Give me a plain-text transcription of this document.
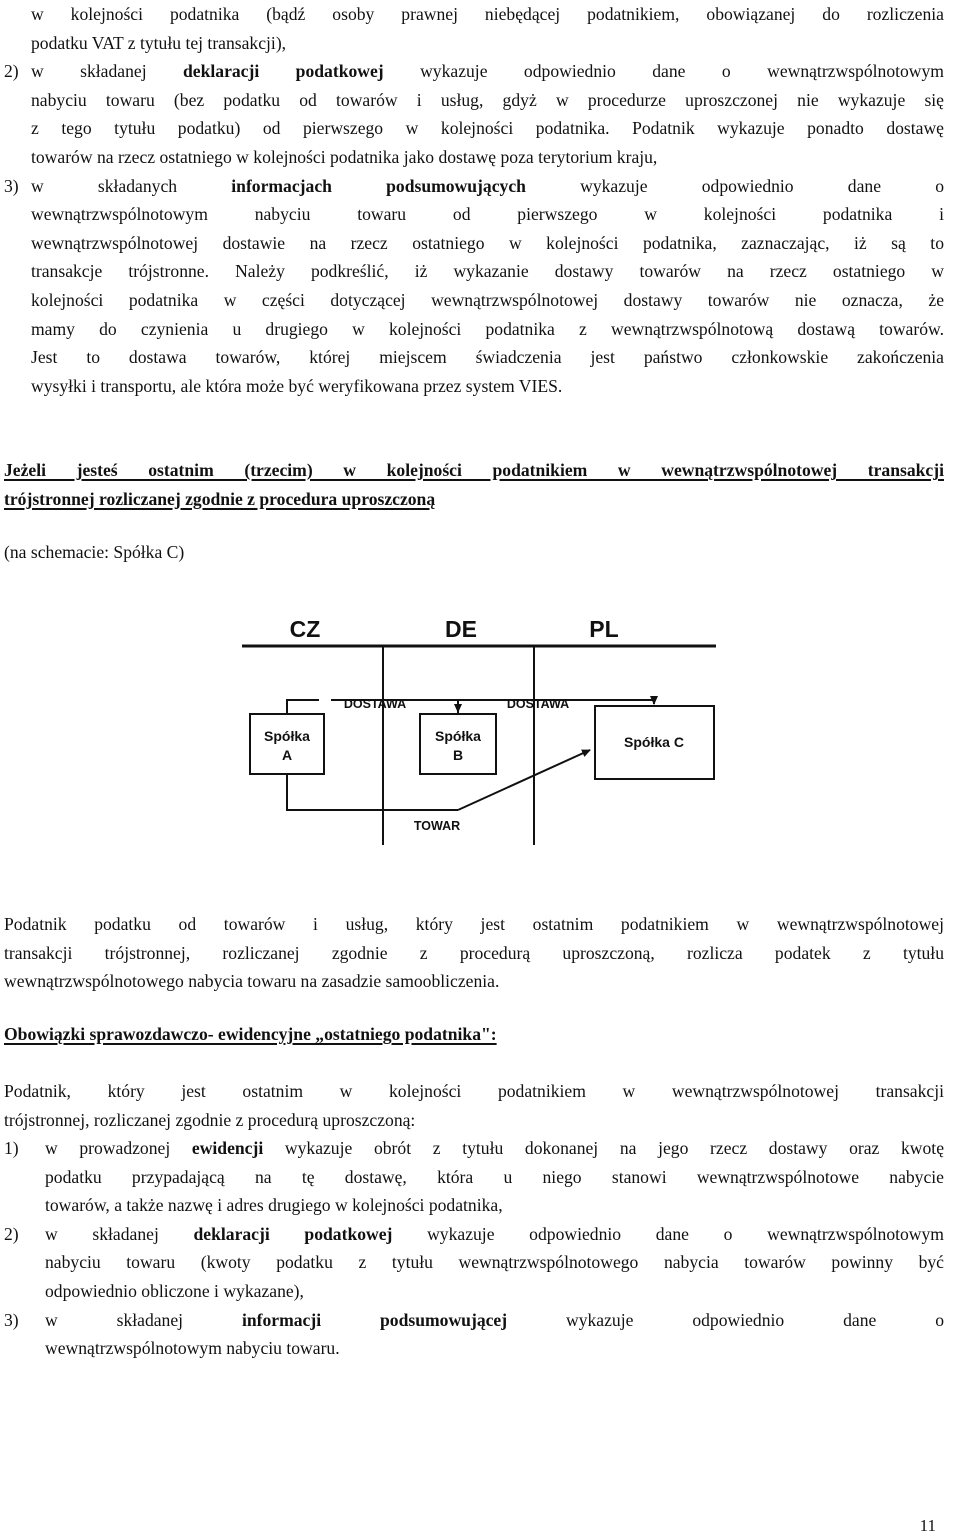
w kolejności podatnika (bądź osoby prawnej niebędącej podatnikiem, obowiązanej do rozliczenia
podatku VAT z tytułu tej transakcji),
2) w składanej deklaracji podatkowej wykazuje odpowiednio dane o wewnątrzwspólnotowym
nabyciu towaru (bez podatku od towarów i usług, gdyż w procedurze uproszczonej nie wykazuje się
z tego tytułu podatku) od pierwszego w kolejności podatnika. Podatnik wykazuje ponadto dostawę
towarów na rzecz ostatniego w kolejności podatnika jako dostawę poza terytorium kraju,
3) w składanych	informacjach podsumowujących	wykazuje odpowiednio dane o
wewnątrzwspólnotowym nabyciu towaru od pierwszego w kolejności podatnika i
wewnątrzwspólnotowej dostawie na rzecz ostatniego w kolejności podatnika, zaznaczając, iż są to
transakcje trójstronne. Należy podkreślić, iż wykazanie dostawy towarów na rzecz ostatniego w
kolejności podatnika w części dotyczącej wewnątrzwspólnotowej dostawy towarów nie oznacza, że
mamy do czynienia u drugiego w kolejności podatnika z wewnątrzwspólnotową dostawą towarów.
Jest to dostawa towarów, której miejscem świadczenia jest państwo członkowskie zakończenia
wysyłki i transportu, ale która może być weryfikowana przez system VIES.
Jeżeli jesteś ostatnim (trzecim) w kolejności podatnikiem w wewnątrzwspólnotowej transakcji
trójstronnej rozliczanej zgodnie z procedura uproszczoną
(na schemacie: Spółka C)
CZ	DE	PL
DOSTAWA	DOSTAWA
Spółka
A
Spółka
B
Spółka C
TOWAR
Podatnik podatku od towarów i usług, który jest ostatnim podatnikiem w wewnątrzwspólnotowej
transakcji trójstronnej, rozliczanej zgodnie z procedurą uproszczoną, rozlicza podatek z tytułu
wewnątrzwspólnotowego nabycia towaru na zasadzie samoobliczenia.
Obowiązki sprawozdawczo- ewidencyjne „ostatniego podatnika":
Podatnik, który jest ostatnim w kolejności podatnikiem w wewnątrzwspólnotowej transakcji
trójstronnej, rozliczanej zgodnie z procedurą uproszczoną:
1)	w prowadzonej ewidencji wykazuje obrót z tytułu dokonanej na jego rzecz dostawy oraz kwotę
podatku przypadającą na tę dostawę, która u niego stanowi wewnątrzwspólnotowe nabycie
towarów, a także nazwę i adres drugiego w kolejności podatnika,
2)	w składanej deklaracji podatkowej wykazuje odpowiednio dane o wewnątrzwspólnotowym
nabyciu towaru (kwoty podatku z tytułu wewnątrzwspólnotowego nabycia towarów powinny być
odpowiednio obliczone i wykazane),
3)	w składanej	informacji podsumowującej	wykazuje odpowiednio dane o
wewnątrzwspólnotowym nabyciu towaru.
11
